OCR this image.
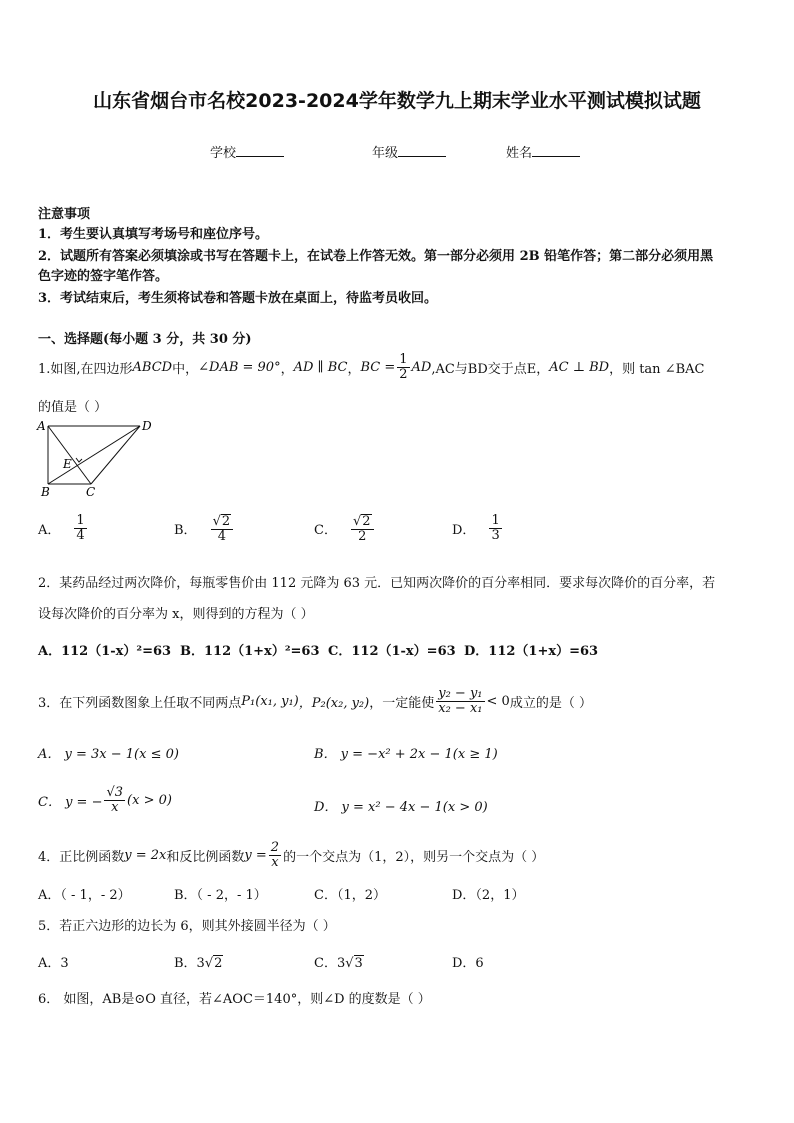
山东省烟台市名校2023-2024学年数学九上期末学业水平测试模拟试题
学校	年级	姓名
注意事项
1．考生要认真填写考场号和座位序号。
2．试题所有答案必须填涂或书写在答题卡上，在试卷上作答无效。第一部分必须用 2B 铅笔作答；第二部分必须用黑
色字迹的签字笔作答。
3．考试结束后，考生须将试卷和答题卡放在桌面上，待监考员收回。
一、选择题(每小题 3 分，共 30 分)
1.如图,在四边形 ABCD 中， ∠DAB = 90° ， AD ∥ BC ， BC = $\frac{1}{2}$ AD ,AC与BD交于点E， AC ⊥ BD ，则 tan ∠BAC
的值是（ ）
A	D
E
B	C
A． $\frac{1}{4}$	B． $\frac{√2}{4}$	C． $\frac{√2}{2}$	D． $\frac{1}{3}$
2．某药品经过两次降价，每瓶零售价由 112 元降为 63 元．已知两次降价的百分率相同．要求每次降价的百分率，若
设每次降价的百分率为 x，则得到的方程为（ ）
A．112（1-x）²=63 B．112（1+x）²=63 C．112（1-x）=63 D．112（1+x）=63
3．在下列函数图象上任取不同两点 P₁(x₁, y₁) ，P₂(x₂, y₂) ，一定能使 $\frac{\text{y₂ − y₁}}{\text{x₂ − x₁}} < 0$ 成立的是（ ）
A． y = 3x − 1(x ≤ 0)	B． y = −x² + 2x − 1(x ≥ 1)
C． y = − $\frac{√3}{x} (x > 0)$	D． y = x² − 4x − 1(x > 0)
4．正比例函数 y = 2x 和反比例函数 $y = \frac{2}{x}$ 的一个交点为（1，2），则另一个交点为（ ）
A．（ - 1，- 2）	B．（ - 2，- 1）	C．（1，2）	D．（2，1）
5．若正六边形的边长为 6，则其外接圆半径为（ ）
A．3	B．3√2	C．3√3	D．6
6． 如图，AB是⊙O 直径，若∠AOC＝140°，则∠D 的度数是（ ）
